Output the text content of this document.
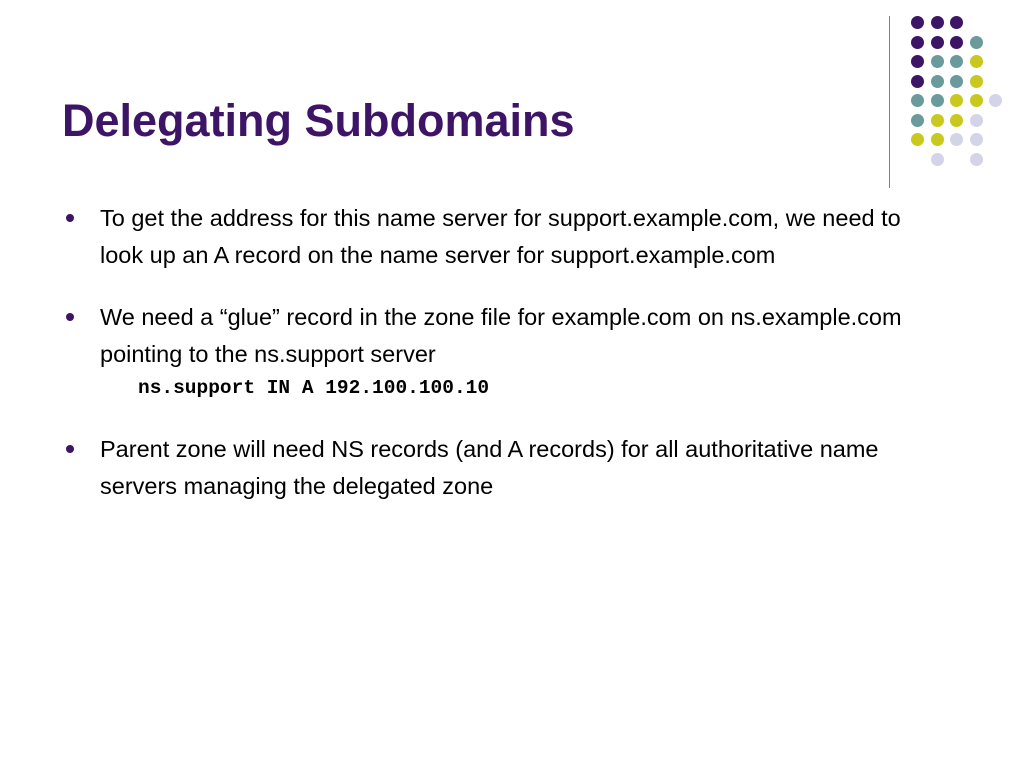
Delegating Subdomains
To get the address for this name server for support.example.com, we need to look up an A record on the name server for support.example.com
We need a “glue” record in the zone file for example.com on ns.example.com pointing to the ns.support server
ns.support IN A 192.100.100.10
Parent zone will need NS records (and A records) for all authoritative name servers managing the delegated zone
